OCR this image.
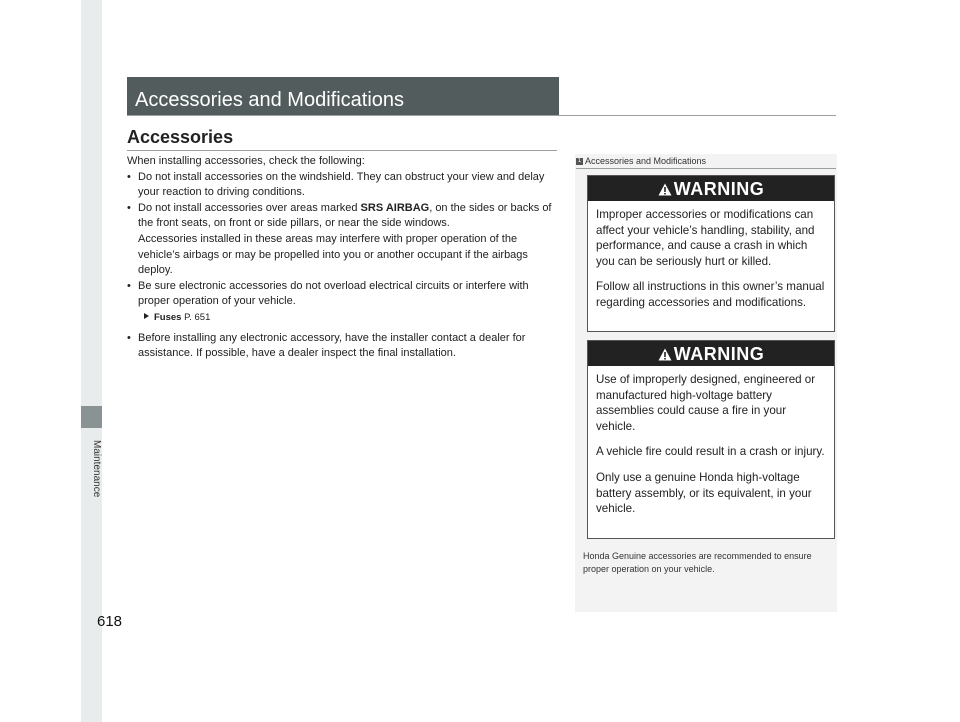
Maintenance
618
Accessories and Modifications
Accessories

When installing accessories, check the following:

• Do not install accessories on the windshield. They can obstruct your view and delay your reaction to driving conditions.

• Do not install accessories over areas marked SRS AIRBAG, on the sides or backs of the front seats, on front or side pillars, or near the side windows.
Accessories installed in these areas may interfere with proper operation of the vehicle’s airbags or may be propelled into you or another occupant if the airbags deploy.

• Be sure electronic accessories do not overload electrical circuits or interfere with proper operation of your vehicle.

Fuses P. 651

• Before installing any electronic accessory, have the installer contact a dealer for assistance. If possible, have a dealer inspect the final installation.

1 Accessories and Modifications
WARNING

Improper accessories or modifications can affect your vehicle’s handling, stability, and performance, and cause a crash in which you can be seriously hurt or killed.

Follow all instructions in this owner’s manual regarding accessories and modifications.

WARNING

Use of improperly designed, engineered or manufactured high-voltage battery assemblies could cause a fire in your vehicle.

A vehicle fire could result in a crash or injury.

Only use a genuine Honda high-voltage battery assembly, or its equivalent, in your vehicle.

Honda Genuine accessories are recommended to ensure proper operation on your vehicle.
